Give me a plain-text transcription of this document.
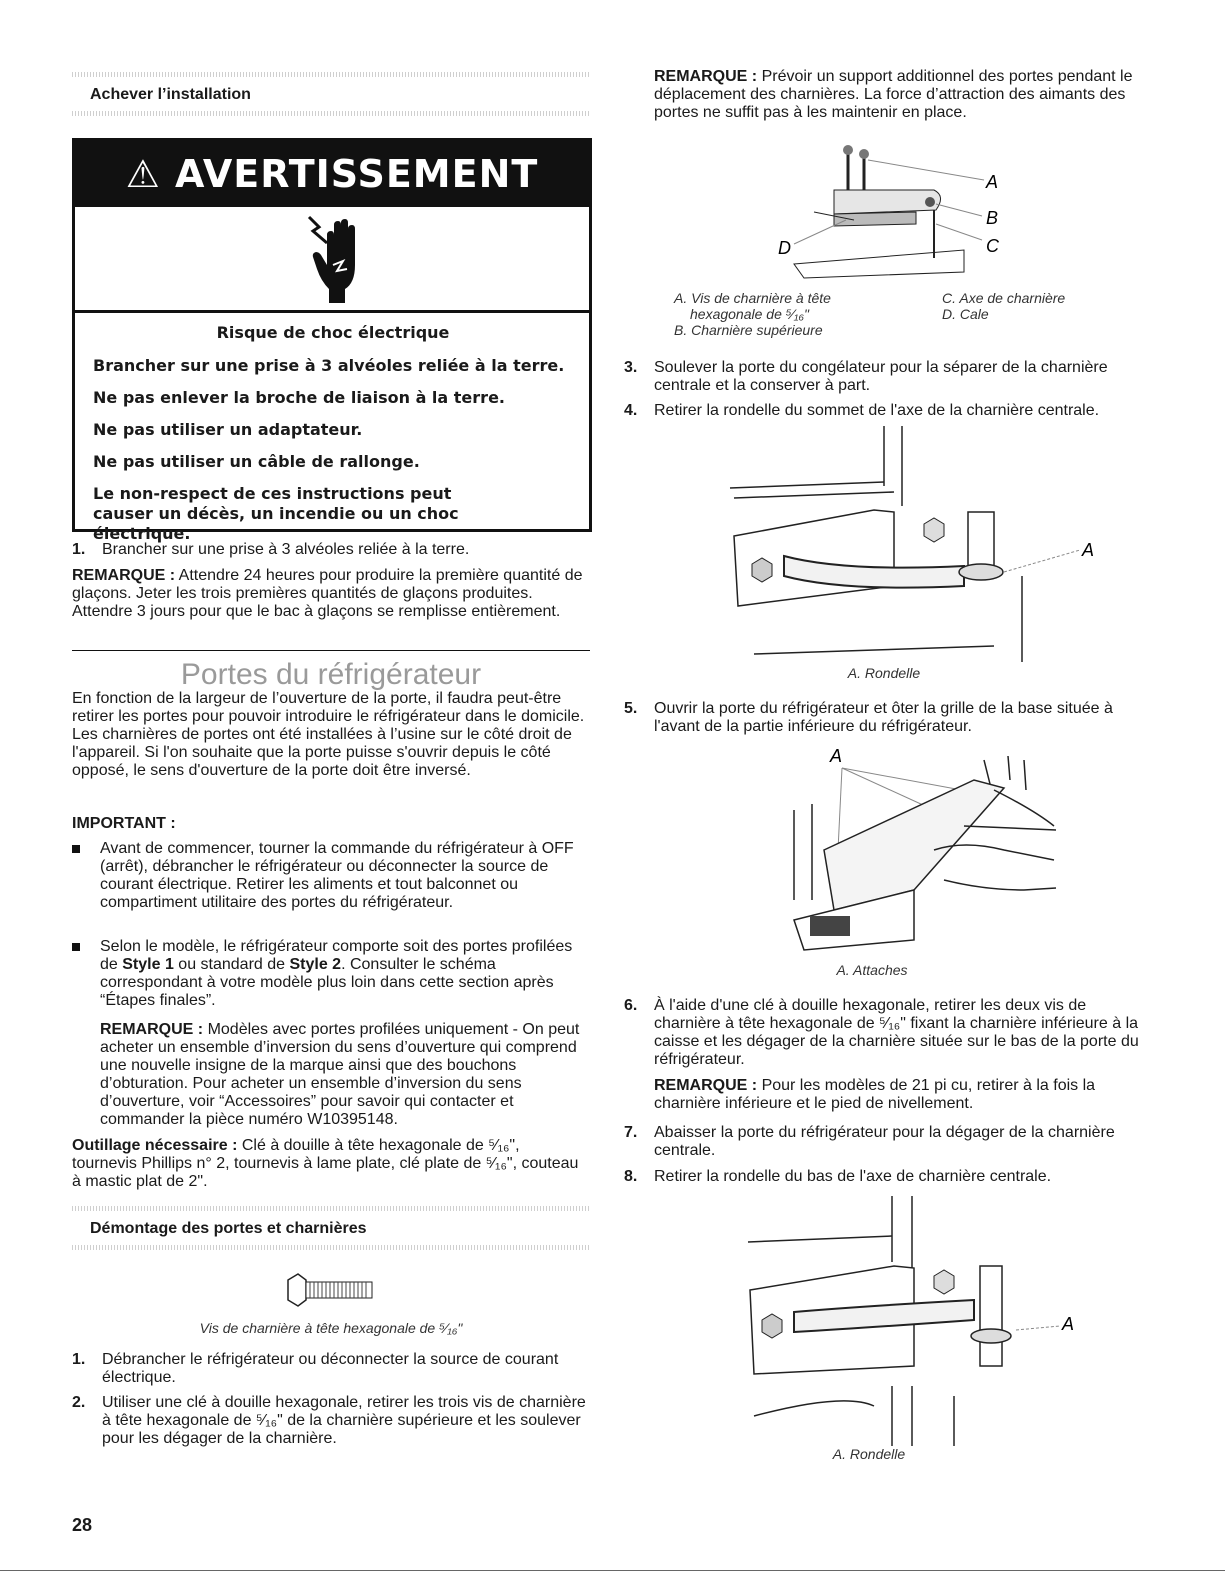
Achever l’installation
⚠ AVERTISSEMENT
Risque de choc électrique

Brancher sur une prise à 3 alvéoles reliée à la terre.

Ne pas enlever la broche de liaison à la terre.

Ne pas utiliser un adaptateur.

Ne pas utiliser un câble de rallonge.

Le non-respect de ces instructions peut causer un décès, un incendie ou un choc électrique.

1. Brancher sur une prise à 3 alvéoles reliée à la terre.

REMARQUE : Attendre 24 heures pour produire la première quantité de glaçons. Jeter les trois premières quantités de glaçons produites. Attendre 3 jours pour que le bac à glaçons se remplisse entièrement.

Portes du réfrigérateur

En fonction de la largeur de l’ouverture de la porte, il faudra peut-être retirer les portes pour pouvoir introduire le réfrigérateur dans le domicile. Les charnières de portes ont été installées à l’usine sur le côté droit de l'appareil. Si l'on souhaite que la porte puisse s'ouvrir depuis le côté opposé, le sens d'ouverture de la porte doit être inversé.

IMPORTANT :

Avant de commencer, tourner la commande du réfrigérateur à OFF (arrêt), débrancher le réfrigérateur ou déconnecter la source de courant électrique. Retirer les aliments et tout balconnet ou compartiment utilitaire des portes du réfrigérateur.

Selon le modèle, le réfrigérateur comporte soit des portes profilées de Style 1 ou standard de Style 2. Consulter le schéma correspondant à votre modèle plus loin dans cette section après “Étapes finales”.

REMARQUE : Modèles avec portes profilées uniquement - On peut acheter un ensemble d’inversion du sens d’ouverture qui comprend une nouvelle insigne de la marque ainsi que des bouchons d’obturation. Pour acheter un ensemble d’inversion du sens d’ouverture, voir “Accessoires” pour savoir qui contacter et commander la pièce numéro W10395148.

Outillage nécessaire : Clé à douille à tête hexagonale de ⁵⁄₁₆", tournevis Phillips n° 2, tournevis à lame plate, clé plate de ⁵⁄₁₆", couteau à mastic plat de 2".

Démontage des portes et charnières
Vis de charnière à tête hexagonale de ⁵⁄₁₆"
1. Débrancher le réfrigérateur ou déconnecter la source de courant électrique.

2. Utiliser une clé à douille hexagonale, retirer les trois vis de charnière à tête hexagonale de ⁵⁄₁₆" de la charnière supérieure et les soulever pour les dégager de la charnière.

28

REMARQUE : Prévoir un support additionnel des portes pendant le déplacement des charnières. La force d’attraction des aimants des portes ne suffit pas à les maintenir en place.

A
B
C
D
A. Vis de charnière à tête
hexagonale de ⁵⁄₁₆"
B. Charnière supérieure
C. Axe de charnière
D. Cale
3. Soulever la porte du congélateur pour la séparer de la charnière centrale et la conserver à part.

4. Retirer la rondelle du sommet de l'axe de la charnière centrale.

A
A. Rondelle
5. Ouvrir la porte du réfrigérateur et ôter la grille de la base située à l'avant de la partie inférieure du réfrigérateur.

A
A. Attaches
6. À l'aide d'une clé à douille hexagonale, retirer les deux vis de charnière à tête hexagonale de ⁵⁄₁₆" fixant la charnière inférieure à la caisse et les dégager de la charnière située sur le bas de la porte du réfrigérateur.

REMARQUE : Pour les modèles de 21 pi cu, retirer à la fois la charnière inférieure et le pied de nivellement.

7. Abaisser la porte du réfrigérateur pour la dégager de la charnière centrale.

8. Retirer la rondelle du bas de l'axe de charnière centrale.

A
A. Rondelle
